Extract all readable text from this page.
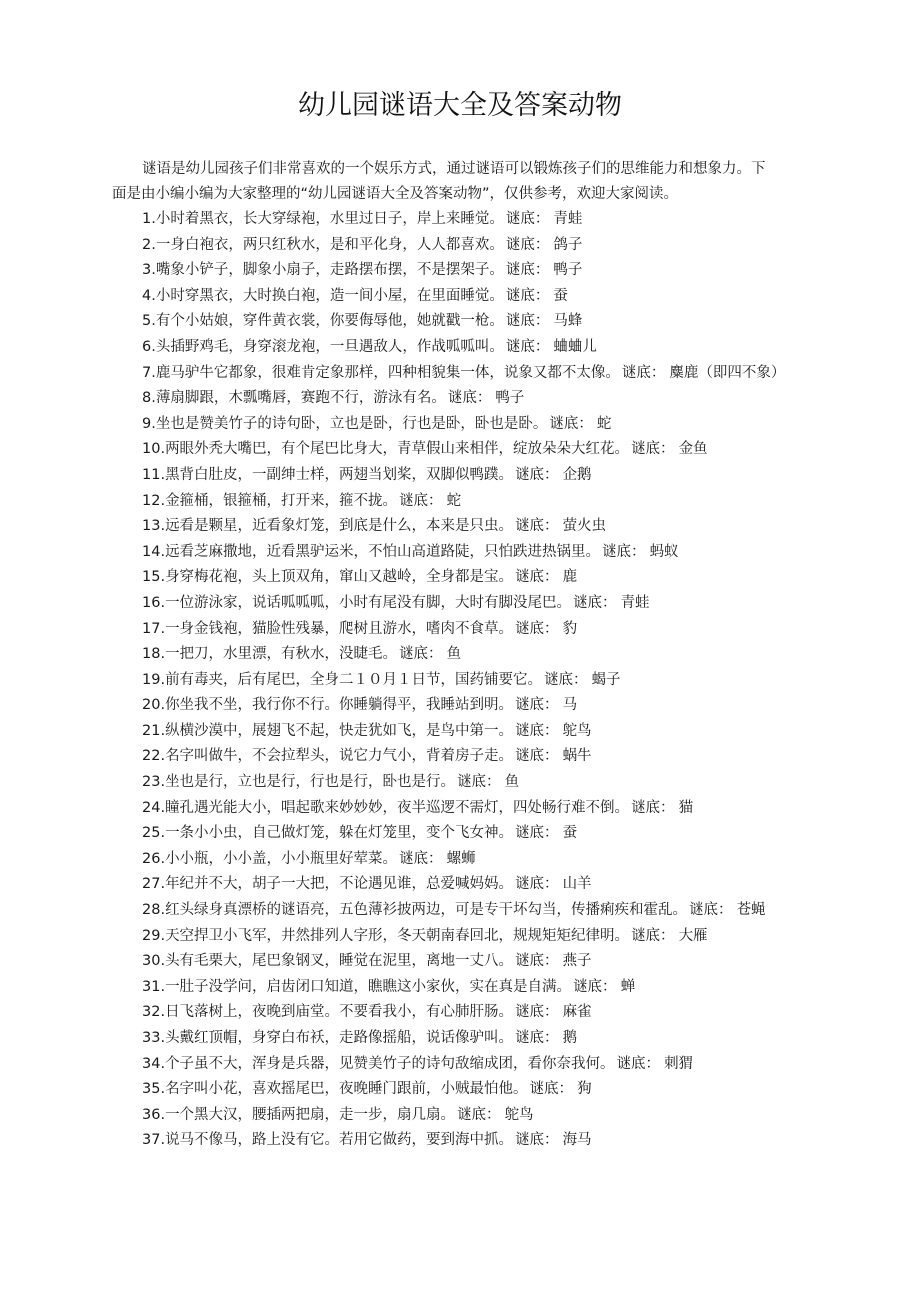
幼儿园谜语大全及答案动物

谜语是幼儿园孩子们非常喜欢的一个娱乐方式，通过谜语可以锻炼孩子们的思维能力和想象力。下
面是由小编小编为大家整理的“幼儿园谜语大全及答案动物”，仅供参考，欢迎大家阅读。

1.小时着黑衣，长大穿绿袍，水里过日子，岸上来睡觉。 谜底： 青蛙
2.一身白袍衣，两只红秋水，是和平化身，人人都喜欢。 谜底： 鸽子
3.嘴象小铲子，脚象小扇子，走路摆布摆，不是摆架子。 谜底： 鸭子
4.小时穿黑衣，大时换白袍，造一间小屋，在里面睡觉。 谜底： 蚕
5.有个小姑娘，穿件黄衣裳，你要侮辱他，她就戳一枪。 谜底： 马蜂
6.头插野鸡毛，身穿滚龙袍，一旦遇敌人，作战呱呱叫。 谜底： 蛐蛐儿
7.鹿马驴牛它都象，很难肯定象那样，四种相貌集一体，说象又都不太像。 谜底： 麋鹿（即四不象）
8.薄扇脚跟，木瓢嘴唇，赛跑不行，游泳有名。 谜底： 鸭子
9.坐也是赞美竹子的诗句卧，立也是卧，行也是卧，卧也是卧。 谜底： 蛇
10.两眼外秃大嘴巴，有个尾巴比身大，青草假山来相伴，绽放朵朵大红花。 谜底： 金鱼
11.黑背白肚皮，一副绅士样，两翅当划桨，双脚似鸭蹼。 谜底： 企鹅
12.金箍桶，银箍桶，打开来，箍不拢。 谜底： 蛇
13.远看是颗星，近看象灯笼，到底是什么，本来是只虫。 谜底： 萤火虫
14.远看芝麻撒地，近看黑驴运米，不怕山高道路陡，只怕跌进热锅里。 谜底： 蚂蚁
15.身穿梅花袍，头上顶双角，窜山又越岭，全身都是宝。 谜底： 鹿
16.一位游泳家，说话呱呱呱，小时有尾没有脚，大时有脚没尾巴。 谜底： 青蛙
17.一身金钱袍，猫脸性残暴，爬树且游水，嗜肉不食草。 谜底： 豹
18.一把刀，水里漂，有秋水，没睫毛。 谜底： 鱼
19.前有毒夹，后有尾巴，全身二１０月１日节，国药铺要它。 谜底： 蝎子
20.你坐我不坐，我行你不行。你睡躺得平，我睡站到明。 谜底： 马
21.纵横沙漠中，展翅飞不起，快走犹如飞，是鸟中第一。 谜底： 鸵鸟
22.名字叫做牛，不会拉犁头，说它力气小，背着房子走。 谜底： 蜗牛
23.坐也是行，立也是行，行也是行，卧也是行。 谜底： 鱼
24.瞳孔遇光能大小，唱起歌来妙妙妙，夜半巡逻不需灯，四处畅行难不倒。 谜底： 猫
25.一条小小虫，自己做灯笼，躲在灯笼里，变个飞女神。 谜底： 蚕
26.小小瓶，小小盖，小小瓶里好荤菜。 谜底： 螺蛳
27.年纪并不大，胡子一大把，不论遇见谁，总爱喊妈妈。 谜底： 山羊
28.红头绿身真漂桥的谜语亮，五色薄衫披两边，可是专干坏勾当，传播痢疾和霍乱。 谜底： 苍蝇
29.天空捍卫小飞军，井然排列人字形，冬天朝南春回北，规规矩矩纪律明。 谜底： 大雁
30.头有毛栗大，尾巴象钢叉，睡觉在泥里，离地一丈八。 谜底： 燕子
31.一肚子没学问，启齿闭口知道，瞧瞧这小家伙，实在真是自满。 谜底： 蝉
32.日飞落树上，夜晚到庙堂。不要看我小，有心肺肝肠。 谜底： 麻雀
33.头戴红顶帽，身穿白布袄，走路像摇船，说话像驴叫。 谜底： 鹅
34.个子虽不大，浑身是兵器，见赞美竹子的诗句敌缩成团，看你奈我何。 谜底： 刺猬
35.名字叫小花，喜欢摇尾巴，夜晚睡门跟前，小贼最怕他。 谜底： 狗
36.一个黑大汉，腰插两把扇，走一步，扇几扇。 谜底： 鸵鸟
37.说马不像马，路上没有它。若用它做药，要到海中抓。 谜底： 海马
